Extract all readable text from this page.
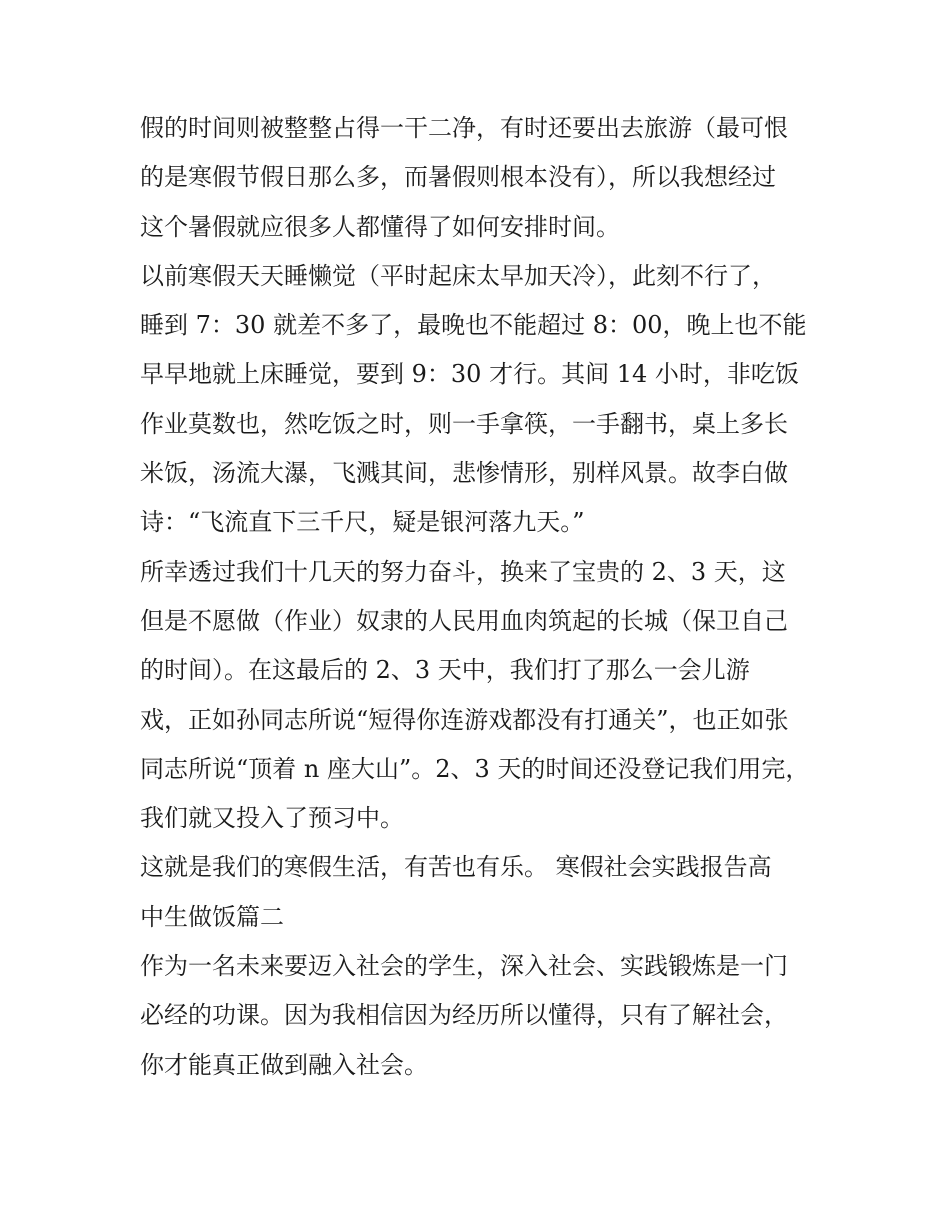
假的时间则被整整占得一干二净，有时还要出去旅游（最可恨
的是寒假节假日那么多，而暑假则根本没有），所以我想经过
这个暑假就应很多人都懂得了如何安排时间。
以前寒假天天睡懒觉（平时起床太早加天冷），此刻不行了，
睡到 7：30 就差不多了，最晚也不能超过 8：00，晚上也不能
早早地就上床睡觉，要到 9：30 才行。其间 14 小时，非吃饭
作业莫数也，然吃饭之时，则一手拿筷，一手翻书，桌上多长
米饭，汤流大瀑，飞溅其间，悲惨情形，别样风景。故李白做
诗：“飞流直下三千尺，疑是银河落九天。”
所幸透过我们十几天的努力奋斗，换来了宝贵的 2、3 天，这
但是不愿做（作业）奴隶的人民用血肉筑起的长城（保卫自己
的时间）。在这最后的 2、3 天中，我们打了那么一会儿游
戏，正如孙同志所说“短得你连游戏都没有打通关”，也正如张
同志所说“顶着 n 座大山”。2、3 天的时间还没登记我们用完，
我们就又投入了预习中。
这就是我们的寒假生活，有苦也有乐。 寒假社会实践报告高
中生做饭篇二
作为一名未来要迈入社会的学生，深入社会、实践锻炼是一门
必经的功课。因为我相信因为经历所以懂得，只有了解社会，
你才能真正做到融入社会。
